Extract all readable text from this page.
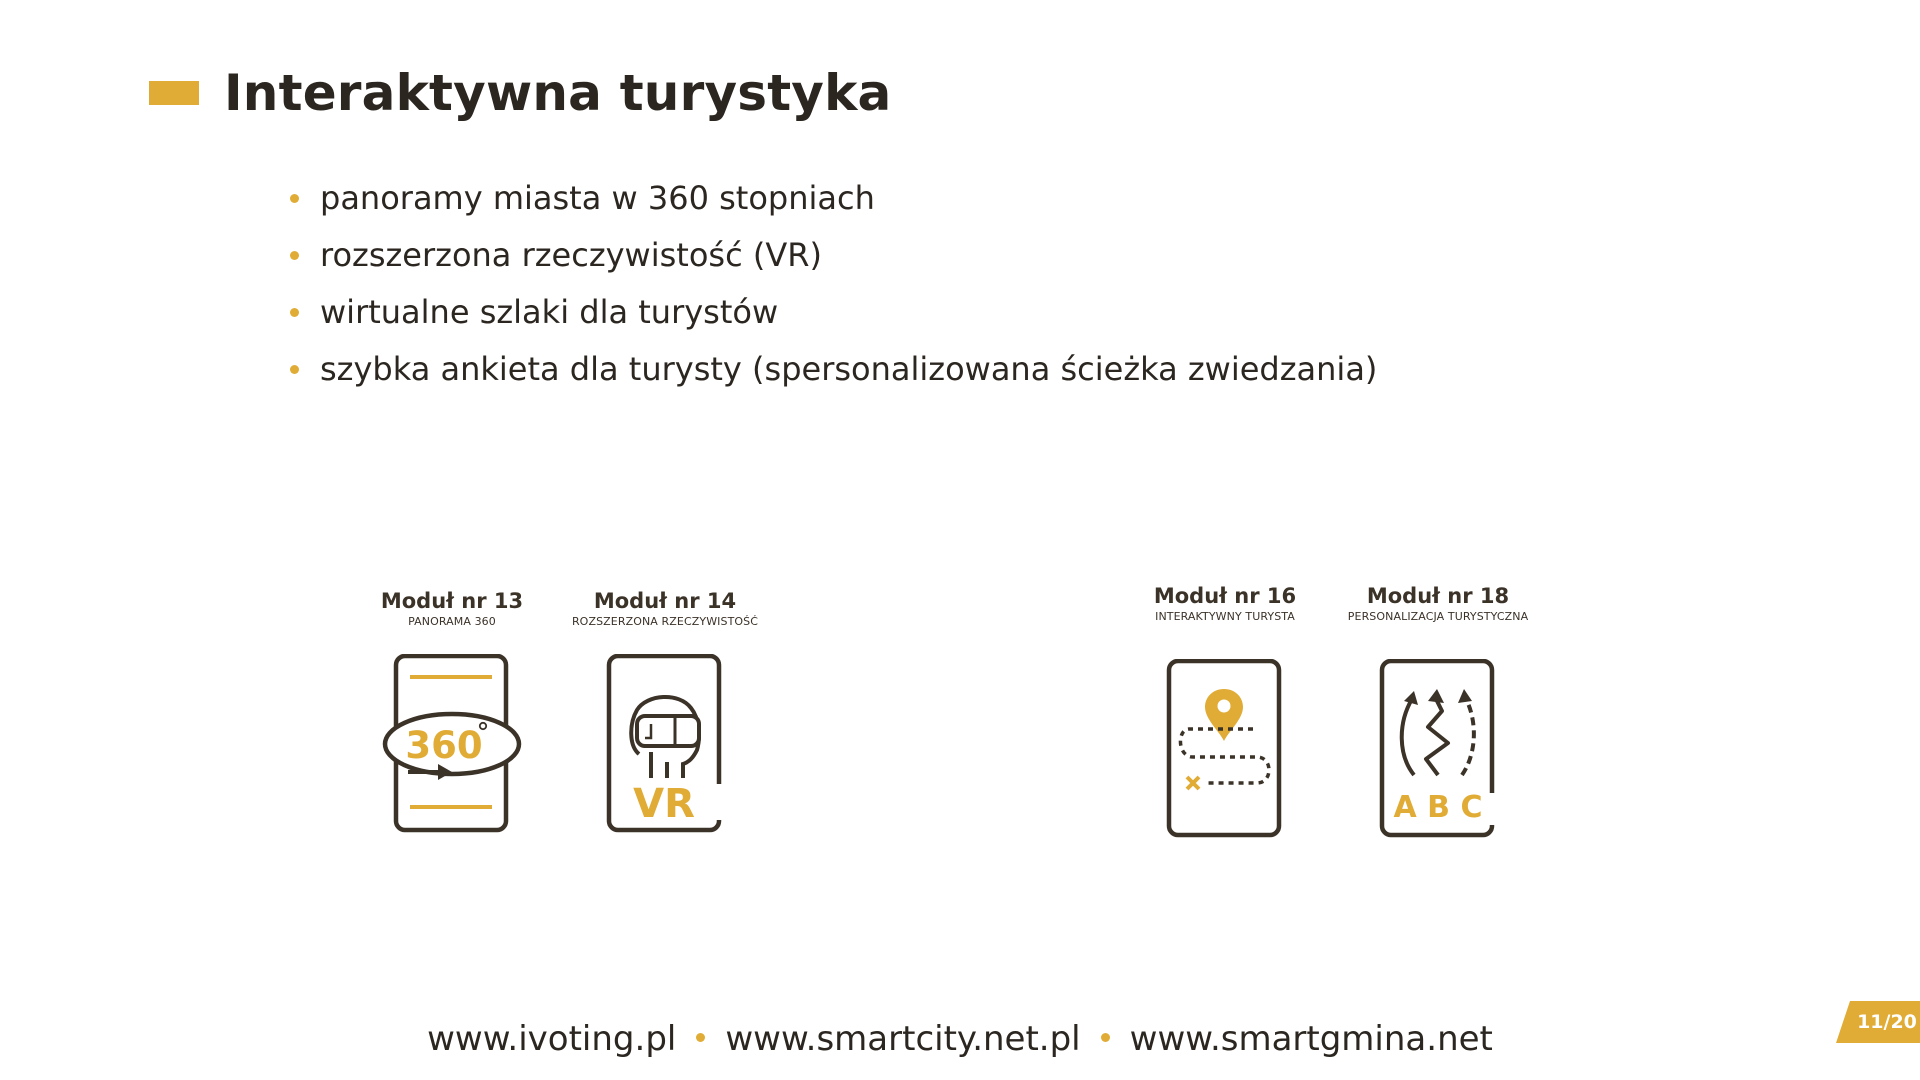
Interaktywna turystyka
panoramy miasta w 360 stopniach
rozszerzona rzeczywistość (VR)
wirtualne szlaki dla turystów
szybka ankieta dla turysty (spersonalizowana ścieżka zwiedzania)
Moduł nr 13
PANORAMA 360
360
Moduł nr 14
ROZSZERZONA RZECZYWISTOŚĆ
VR
Moduł nr 16
INTERAKTYWNY TURYSTA
Moduł nr 18
PERSONALIZACJA TURYSTYCZNA
A B C
www.ivoting.pl www.smartcity.net.pl www.smartgmina.net	11/20
